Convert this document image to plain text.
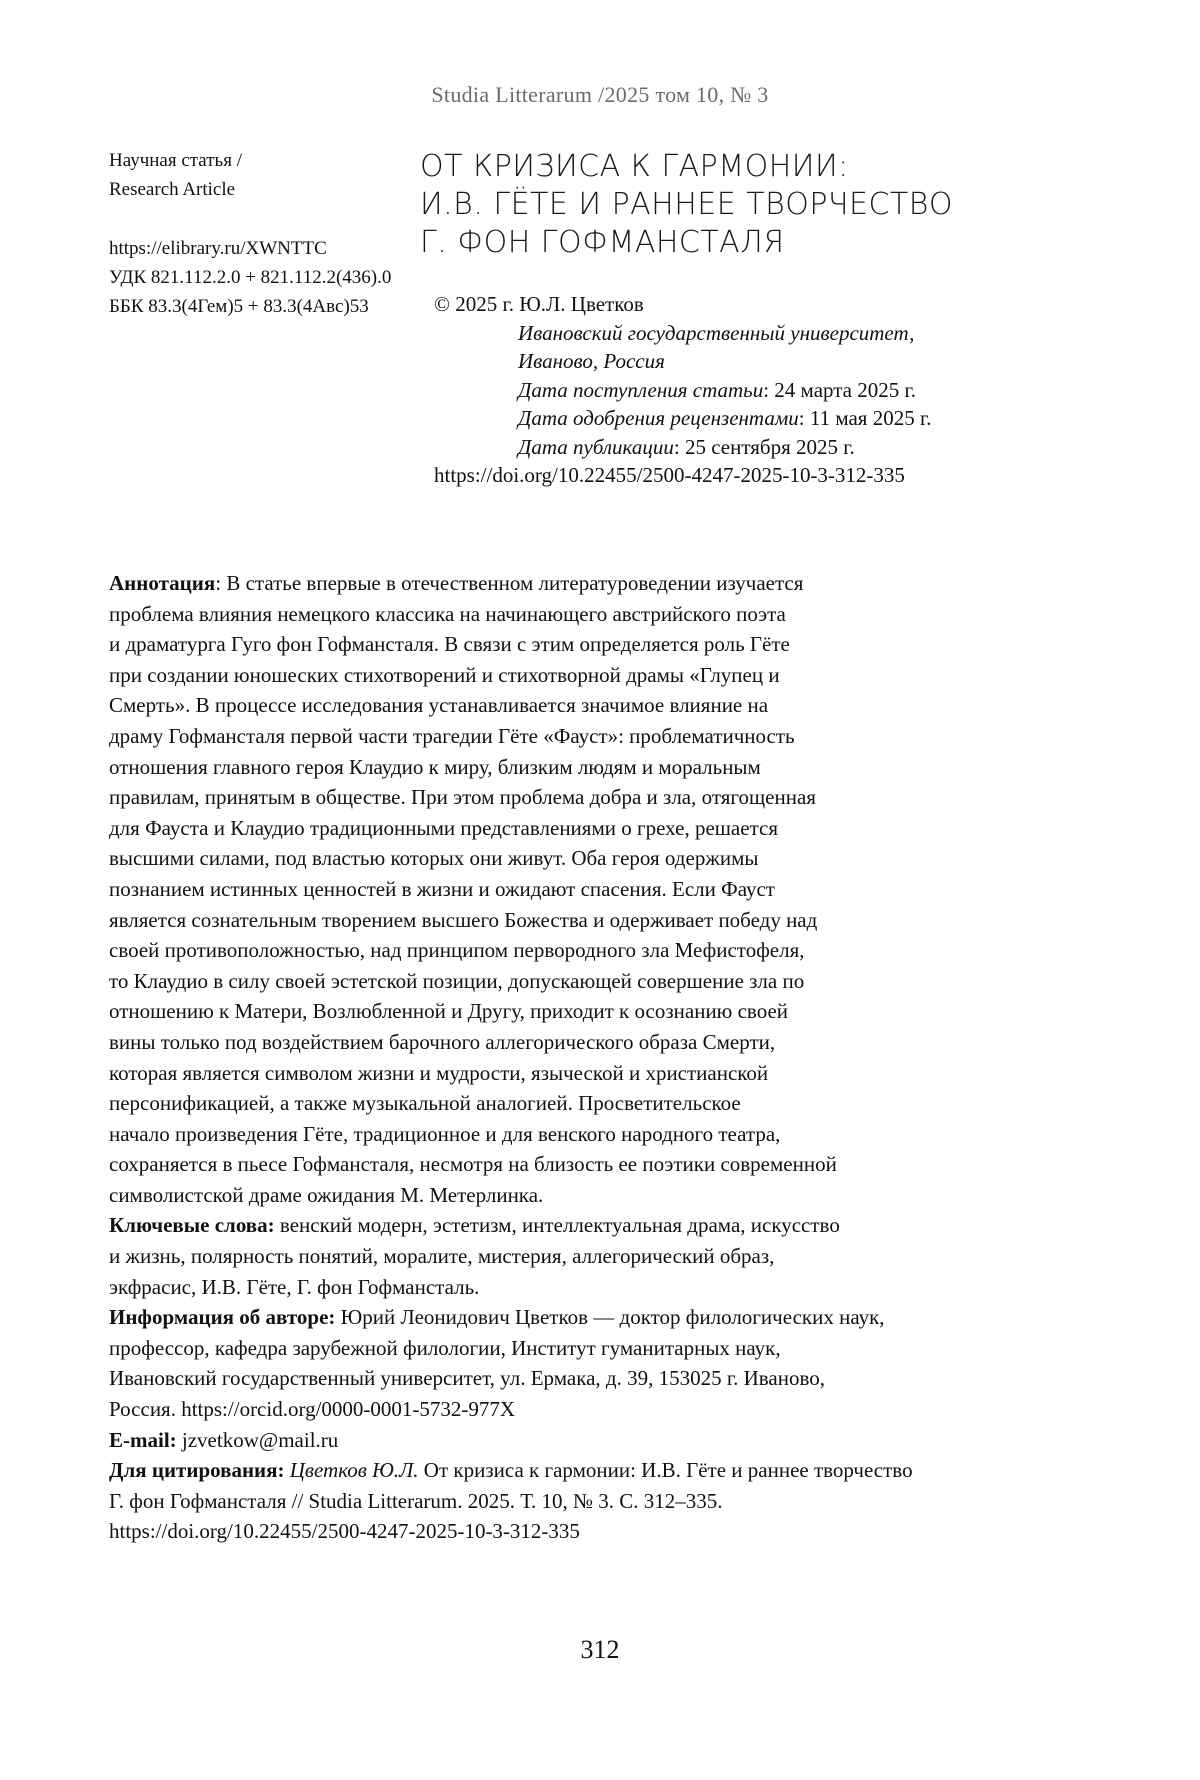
Studia Litterarum /2025 том 10, № 3
Научная статья /
Research Article
https://elibrary.ru/XWNTTC
УДК 821.112.2.0 + 821.112.2(436).0
ББК 83.3(4Гем)5 + 83.3(4Авс)53
ОТ КРИЗИСА К ГАРМОНИИ:
И.В. ГЁТЕ И РАННЕЕ ТВОРЧЕСТВО
Г. ФОН ГОФМАНСТАЛЯ
© 2025 г. Ю.Л. Цветков
Ивановский государственный университет,
Иваново, Россия
Дата поступления статьи: 24 марта 2025 г.
Дата одобрения рецензентами: 11 мая 2025 г.
Дата публикации: 25 сентября 2025 г.
https://doi.org/10.22455/2500-4247-2025-10-3-312-335

Аннотация: В статье впервые в отечественном литературоведении изучается
проблема влияния немецкого классика на начинающего австрийского поэта
и драматурга Гуго фон Гофмансталя. В связи с этим определяется роль Гёте
при создании юношеских стихотворений и стихотворной драмы «Глупец и
Смерть». В процессе исследования устанавливается значимое влияние на
драму Гофмансталя первой части трагедии Гёте «Фауст»: проблематичность
отношения главного героя Клаудио к миру, близким людям и моральным
правилам, принятым в обществе. При этом проблема добра и зла, отягощенная
для Фауста и Клаудио традиционными представлениями о грехе, решается
высшими силами, под властью которых они живут. Оба героя одержимы
познанием истинных ценностей в жизни и ожидают спасения. Если Фауст
является сознательным творением высшего Божества и одерживает победу над
своей противоположностью, над принципом первородного зла Мефистофеля,
то Клаудио в силу своей эстетской позиции, допускающей совершение зла по
отношению к Матери, Возлюбленной и Другу, приходит к осознанию своей
вины только под воздействием барочного аллегорического образа Смерти,
которая является символом жизни и мудрости, языческой и христианской
персонификацией, а также музыкальной аналогией. Просветительское
начало произведения Гёте, традиционное и для венского народного театра,
сохраняется в пьесе Гофмансталя, несмотря на близость ее поэтики современной
символистской драме ожидания М. Метерлинка.

Ключевые слова: венский модерн, эстетизм, интеллектуальная драма, искусство
и жизнь, полярность понятий, моралите, мистерия, аллегорический образ,
экфрасис, И.В. Гёте, Г. фон Гофмансталь.

Информация об авторе: Юрий Леонидович Цветков — доктор филологических наук,
профессор, кафедра зарубежной филологии, Институт гуманитарных наук,
Ивановский государственный университет, ул. Ермака, д. 39, 153025 г. Иваново,
Россия. https://orcid.org/0000-0001-5732-977X

E-mail: jzvetkow@mail.ru

Для цитирования: Цветков Ю.Л. От кризиса к гармонии: И.В. Гёте и раннее творчество
Г. фон Гофмансталя // Studia Litterarum. 2025. Т. 10, № 3. С. 312–335.
https://doi.org/10.22455/2500-4247-2025-10-3-312-335

312
